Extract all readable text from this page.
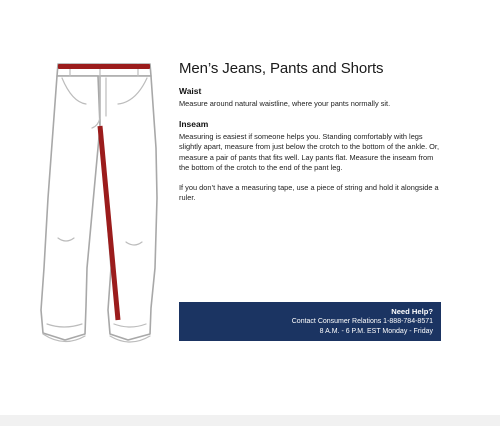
Men’s Jeans, Pants and Shorts
Waist

Measure around natural waistline, where your pants normally sit.

Inseam

Measuring is easiest if someone helps you. Standing comfortably with legs slightly apart, measure from just below the crotch to the bottom of the ankle. Or, measure a pair of pants that fits well. Lay pants flat. Measure the inseam from the bottom of the crotch to the end of the pant leg.

If you don’t have a measuring tape, use a piece of string and hold it alongside a ruler.

Need Help?
Contact Consumer Relations 1-888-784-8571
8 A.M. - 6 P.M. EST Monday - Friday
